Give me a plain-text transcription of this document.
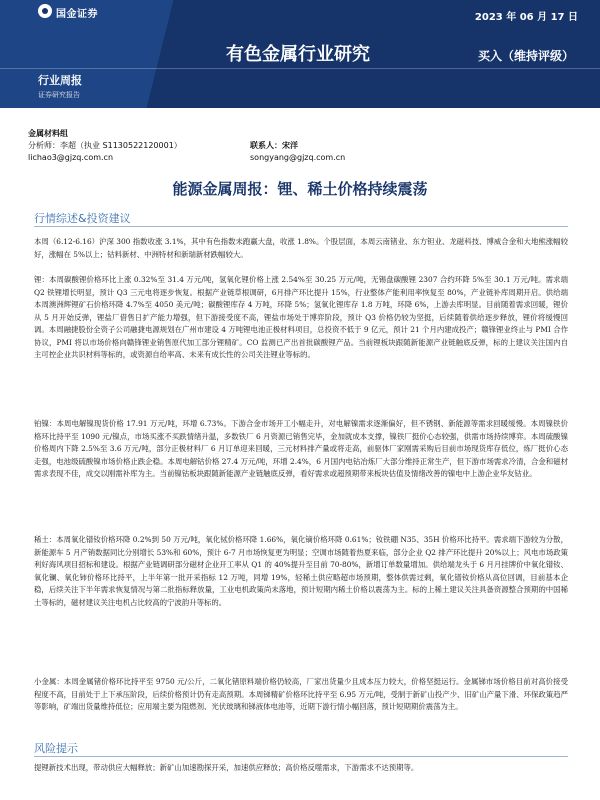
国金证券	2023 年 06 月 17 日
有色金属行业研究	买入（维持评级）
行业周报
证券研究报告
金属材料组
分析师：李超（执业 S1130522120001）	联系人：宋洋
lichao3@gjzq.com.cn	songyang@gjzq.com.cn
能源金属周报：锂、稀土价格持续震荡
行情综述&投资建议
本周（6.12-6.16）沪深 300 指数收涨 3.1%，其中有色指数未跑赢大盘，收涨 1.8%。个股层面，本周云南锗业、东方钽业、龙磁科技、博威合金和大地熊涨幅较好，涨幅在 5%以上；钴料新材、中洲特材和新瑞新材跌幅较大。
锂：本周碳酸锂价格环比上涨 0.32%至 31.4 万元/吨，氢氧化锂价格上涨 2.54%至 30.25 万元/吨，无锡盘碳酸锂 2307 合约环降 5%至 30.1 万元/吨。需求端 Q2 铁锂增长明显，预计 Q3 三元电将逐步恢复。根据产业链草根调研，6月排产环比提升 15%，行业整体产能利用率恢复至 80%，产业链补库周期开启。供给端本周澳洲辉锂矿石价格环降 4.7%至 4050 美元/吨；碳酸锂库存 4 万吨，环降 5%；氢氧化锂库存 1.8 万吨，环降 6%，上游去库明显。目前随着需求回暖，锂价从 5 月开始反弹，锂盐厂借售日扩产能力增强，但下游接受度不高，锂盐市场处于博弈阶段，预计 Q3 价格仍较为坚挺，后续随着供给逐步释放，锂价将缓慢回调。本周融捷股份全资子公司融捷电源规划在广州市建设 4 万吨锂电池正极材料项目，总投资不低于 9 亿元，预计 21 个月内建成投产；赣锋锂业终止与 PMI 合作协议，PMI 将以市场价格向赣锋锂业销售原代加工部分锂精矿。CO 监测已产出首批碳酸锂产品。当前锂板块跟随新能源产业链触底反弹，标的上建议关注国内自主可控企业共识材料等标的，或资源自给率高、未来有成长性的公司关注锂业等标的。
铂镍：本周电解镍现货价格 17.91 万元/吨，环增 6.73%。下游合金市场开工小幅走升，对电解镍需求逐渐偏好，但不锈钢、新能源等需求回暖缓慢。本周镍铁价格环比持平至 1090 元/镍点，市场买涨不买跌情绪升温，多数铁厂 6 月资源已销售完毕，金加就成本支撑，镍铁厂挺价心态较强，供需市场持续博弈。本周硫酸镍价格周内下降 2.5%至 3.6 万元/吨，部分正极材料厂 6 月订单迎来回暖，三元材料排产量或将走高，前驱体厂家刚需采购后目前市场现货库存低位，炼厂挺价心态走强，电池级硫酸镍市场价格止跌企稳。本周电解钴价格 27.4 万元/吨，环增 2.4%，6 月国内电钴冶炼厂大部分维持正常生产，但下游市场需求冷清，合金和磁材需求表现不佳，成交以刚需补库为主。当前镍钴板块跟随新能源产业链触底反弹，看好需求或超预期带来板块估值及情绪改善的镍电中上游企业华友钴业。
稀土：本周氧化镨钕价格环降 0.2%到 50 万元/吨，氧化铽价格环降 1.66%，氧化镝价格环降 0.61%；钕铁硼 N35、35H 价格环比持平。需求端下游较为分散，新能源车 5 月产销数据同比分别增长 53%和 60%，预计 6-7 月市场恢复更为明显；空调市场随着热夏来临，部分企业 Q2 排产环比提升 20%以上；风电市场政策利好海风项目招标和建设。根据产业链调研部分磁材企业开工率从 Q1 的 40%提升至目前 70-80%，新增订单数量增加。供给端龙头于 6 月月挂牌价中氧化镨钕、氧化镧、氧化铈价格环比持平，上半年第一批开采指标 12 万吨，同增 19%，轻稀土供应略超市场预期，整体供需过剩，氧化镨钕价格从高位回调，目前基本企稳，后续关注下半年需求恢复情况与第二批指标释放量，工业电机政策尚未落地，预计短期内稀土价格以震荡为主。标的上稀土建议关注具备资源整合预期的中国稀土等标的，磁材建议关注电机占比较高的宁波韵升等标的。
小金属：本周金属锗价格环比持平至 9750 元/公斤，二氧化锗原料端价格仍较高，厂家出货量少且成本压力较大，价格坚挺运行。金属锑市场价格目前对高价接受程度不高，目前处于上下承压阶段，后续价格预计仍有走高预期。本周锑精矿价格环比持平至 6.95 万元/吨，受制于新矿山投产少、旧矿山产量下滑、环保政策趋严等影响，矿端出货量维持低位；应用端主要为阻燃剂、光伏玻璃和锑液体电池等，近期下游行情小幅回落，预计短期期价震荡为主。
风险提示
提锂新技术出现，带动供应大幅释放；新矿山加速勘探开采，加速供应释放；高价格反噬需求，下游需求不达预期等。
